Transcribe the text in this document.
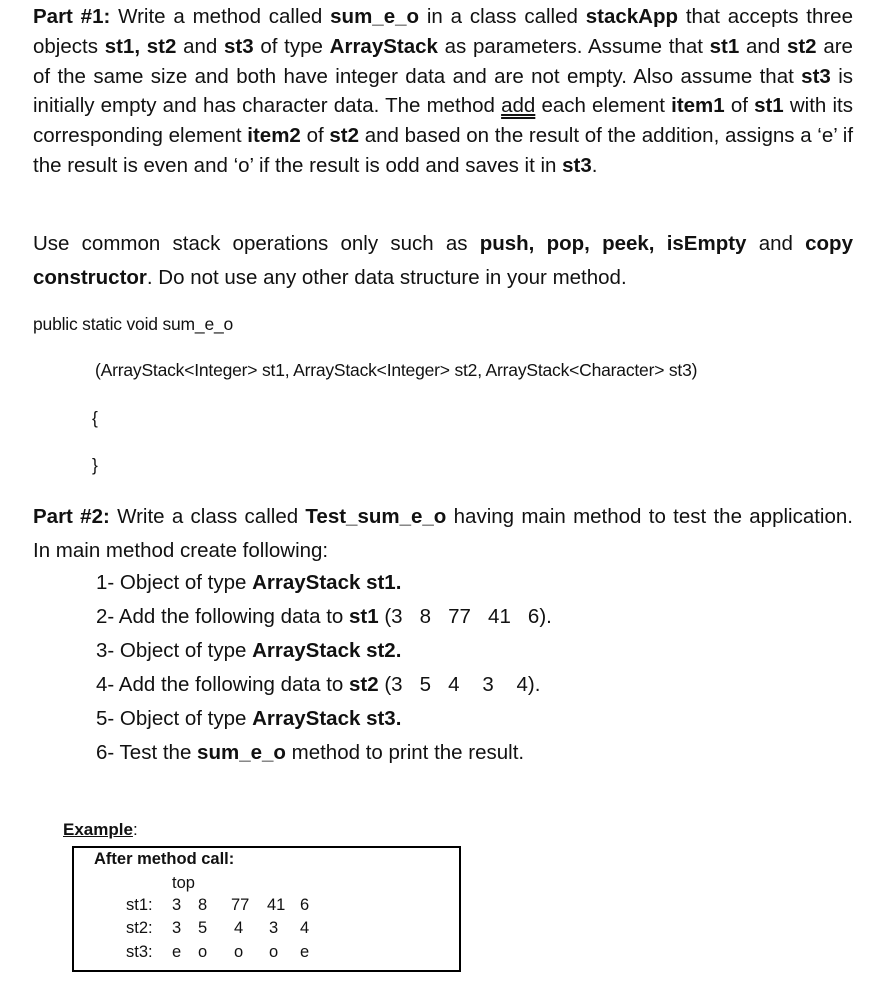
Part #1: Write a method called sum_e_o in a class called stackApp that accepts three objects st1, st2 and st3 of type ArrayStack as parameters. Assume that st1 and st2 are of the same size and both have integer data and are not empty. Also assume that st3 is initially empty and has character data. The method add each element item1 of st1 with its corresponding element item2 of st2 and based on the result of the addition, assigns a ‘e’ if the result is even and ‘o’ if the result is odd and saves it in st3.

Use common stack operations only such as push, pop, peek, isEmpty and copy constructor. Do not use any other data structure in your method.

public static void sum_e_o

(ArrayStack<Integer> st1, ArrayStack<Integer> st2, ArrayStack<Character> st3)

{

}

Part #2: Write a class called Test_sum_e_o having main method to test the application. In main method create following:

1- Object of type ArrayStack st1.
2- Add the following data to st1 (3   8   77   41   6).
3- Object of type ArrayStack st2.
4- Add the following data to st2 (3   5   4    3    4).
5- Object of type ArrayStack st3.
6- Test the sum_e_o method to print the result.
Example:
After method call:
top
st1: 3 8 77 41 6
st2: 3 5 4 3 4
st3: e o o o e
